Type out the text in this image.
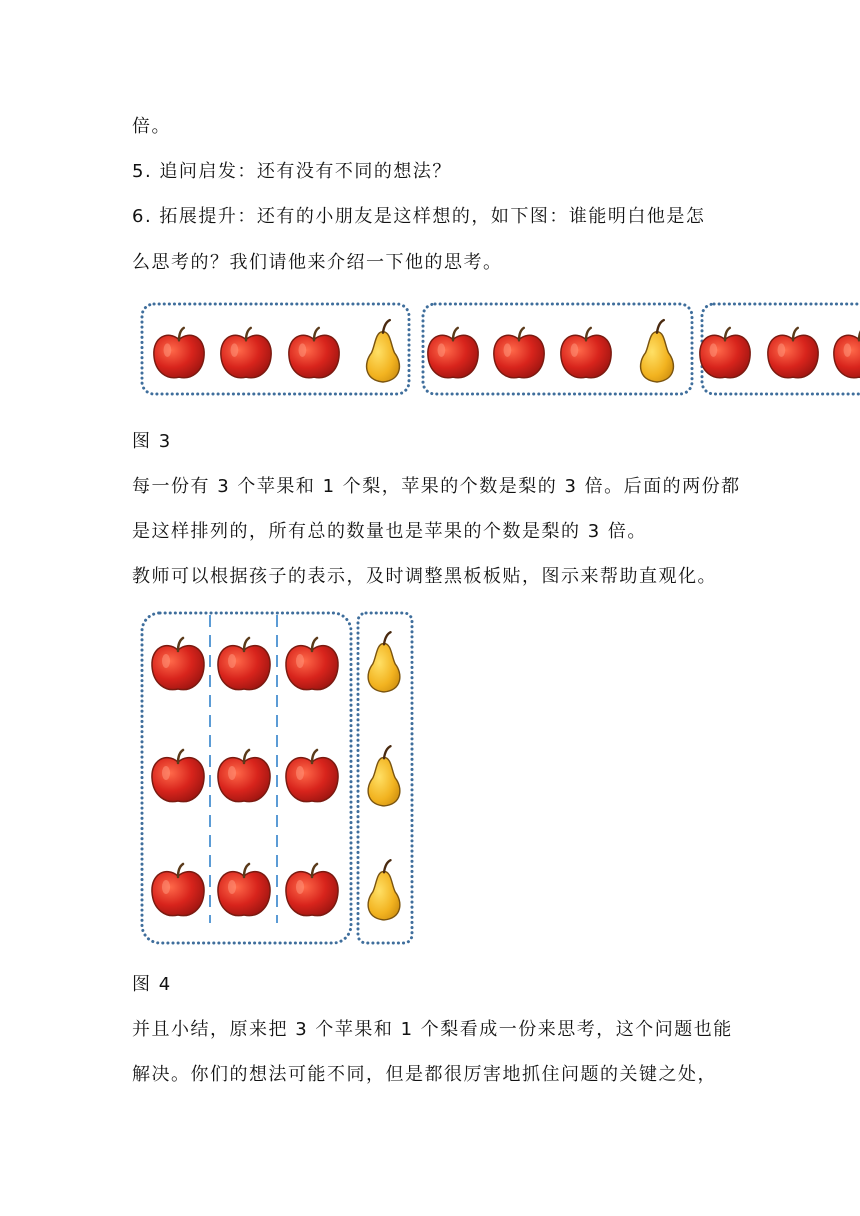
倍。
5. 追问启发：还有没有不同的想法？
6. 拓展提升：还有的小朋友是这样想的，如下图：谁能明白他是怎
么思考的？我们请他来介绍一下他的思考。
图 3
每一份有 3 个苹果和 1 个梨，苹果的个数是梨的 3 倍。后面的两份都
是这样排列的，所有总的数量也是苹果的个数是梨的 3 倍。
教师可以根据孩子的表示，及时调整黑板板贴，图示来帮助直观化。
图 4
并且小结，原来把 3 个苹果和 1 个梨看成一份来思考，这个问题也能
解决。你们的想法可能不同，但是都很厉害地抓住问题的关键之处，
